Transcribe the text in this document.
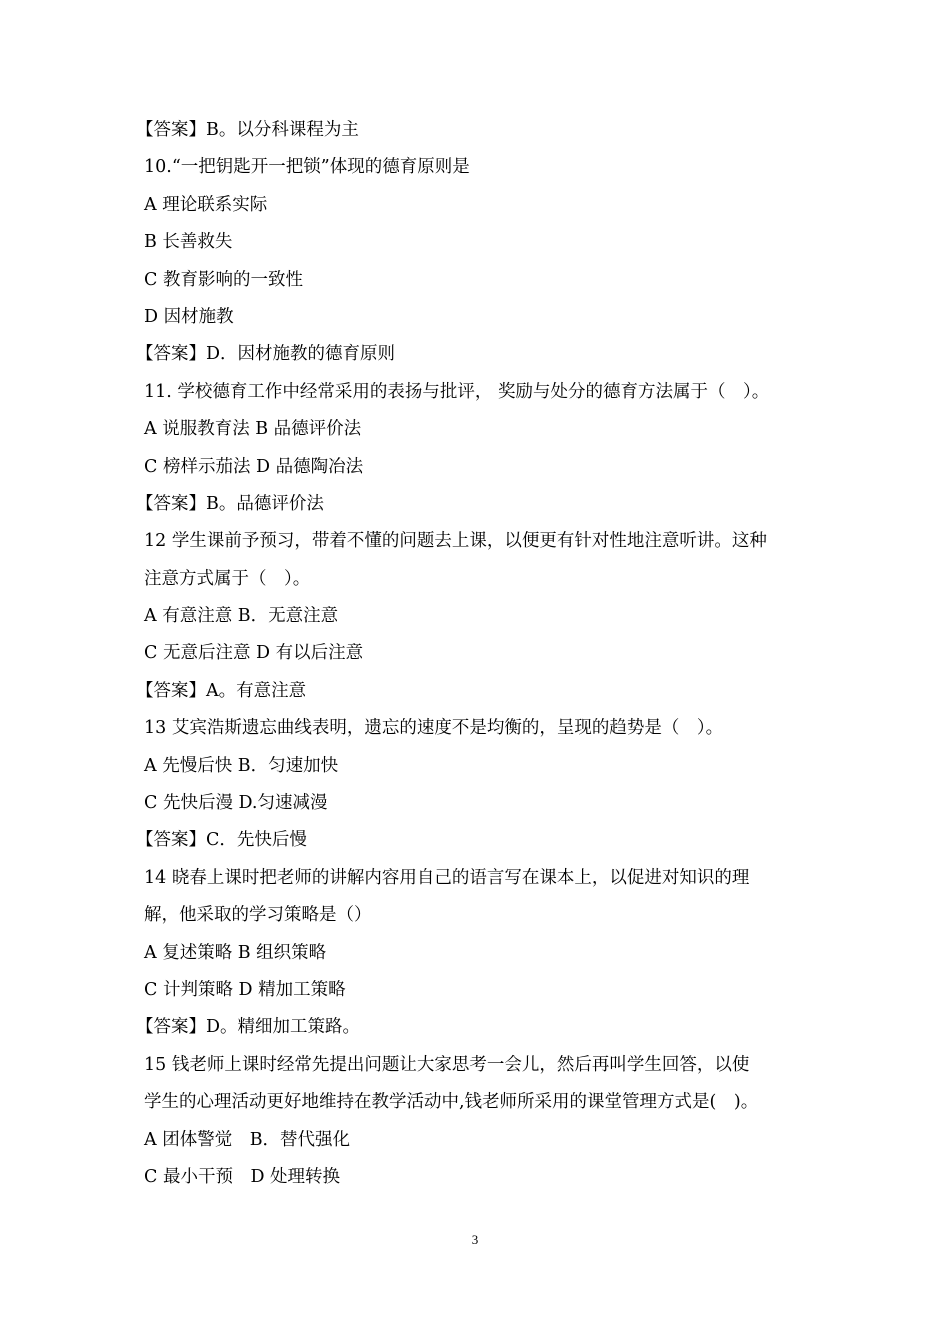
【答案】B。以分科课程为主

10.“一把钥匙开一把锁”体现的德育原则是

A 理论联系实际

B 长善救失

C 教育影响的一致性

D 因材施教

【答案】D．因材施教的德育原则

11. 学校德育工作中经常采用的表扬与批评， 奖励与处分的德育方法属于（　）。

A 说服教育法 B 品德评价法

C 榜样示茄法 D 品德陶冶法

【答案】B。品德评价法

12 学生课前予预习，带着不懂的问题去上课，以便更有针对性地注意听讲。这种

注意方式属于（　）。

A 有意注意 B．无意注意

C 无意后注意 D 有以后注意

【答案】A。有意注意

13 艾宾浩斯遗忘曲线表明，遗忘的速度不是均衡的，呈现的趋势是（　）。

A 先慢后快 B．匀速加快

C 先快后漫 D.匀速减漫

【答案】C．先快后慢

14 晓春上课时把老师的讲解内容用自己的语言写在课本上，以促进对知识的理

解，他采取的学习策略是（）

A 复述策略 B 组织策略

C 计判策略 D 精加工策略

【答案】D。精细加工策路。

15 钱老师上课时经常先提出问题让大家思考一会儿，然后再叫学生回答，以使

学生的心理活动更好地维持在教学活动中,钱老师所采用的课堂管理方式是(　)。

A 团体警觉　B．替代强化

C 最小干预　D 处理转换

3
